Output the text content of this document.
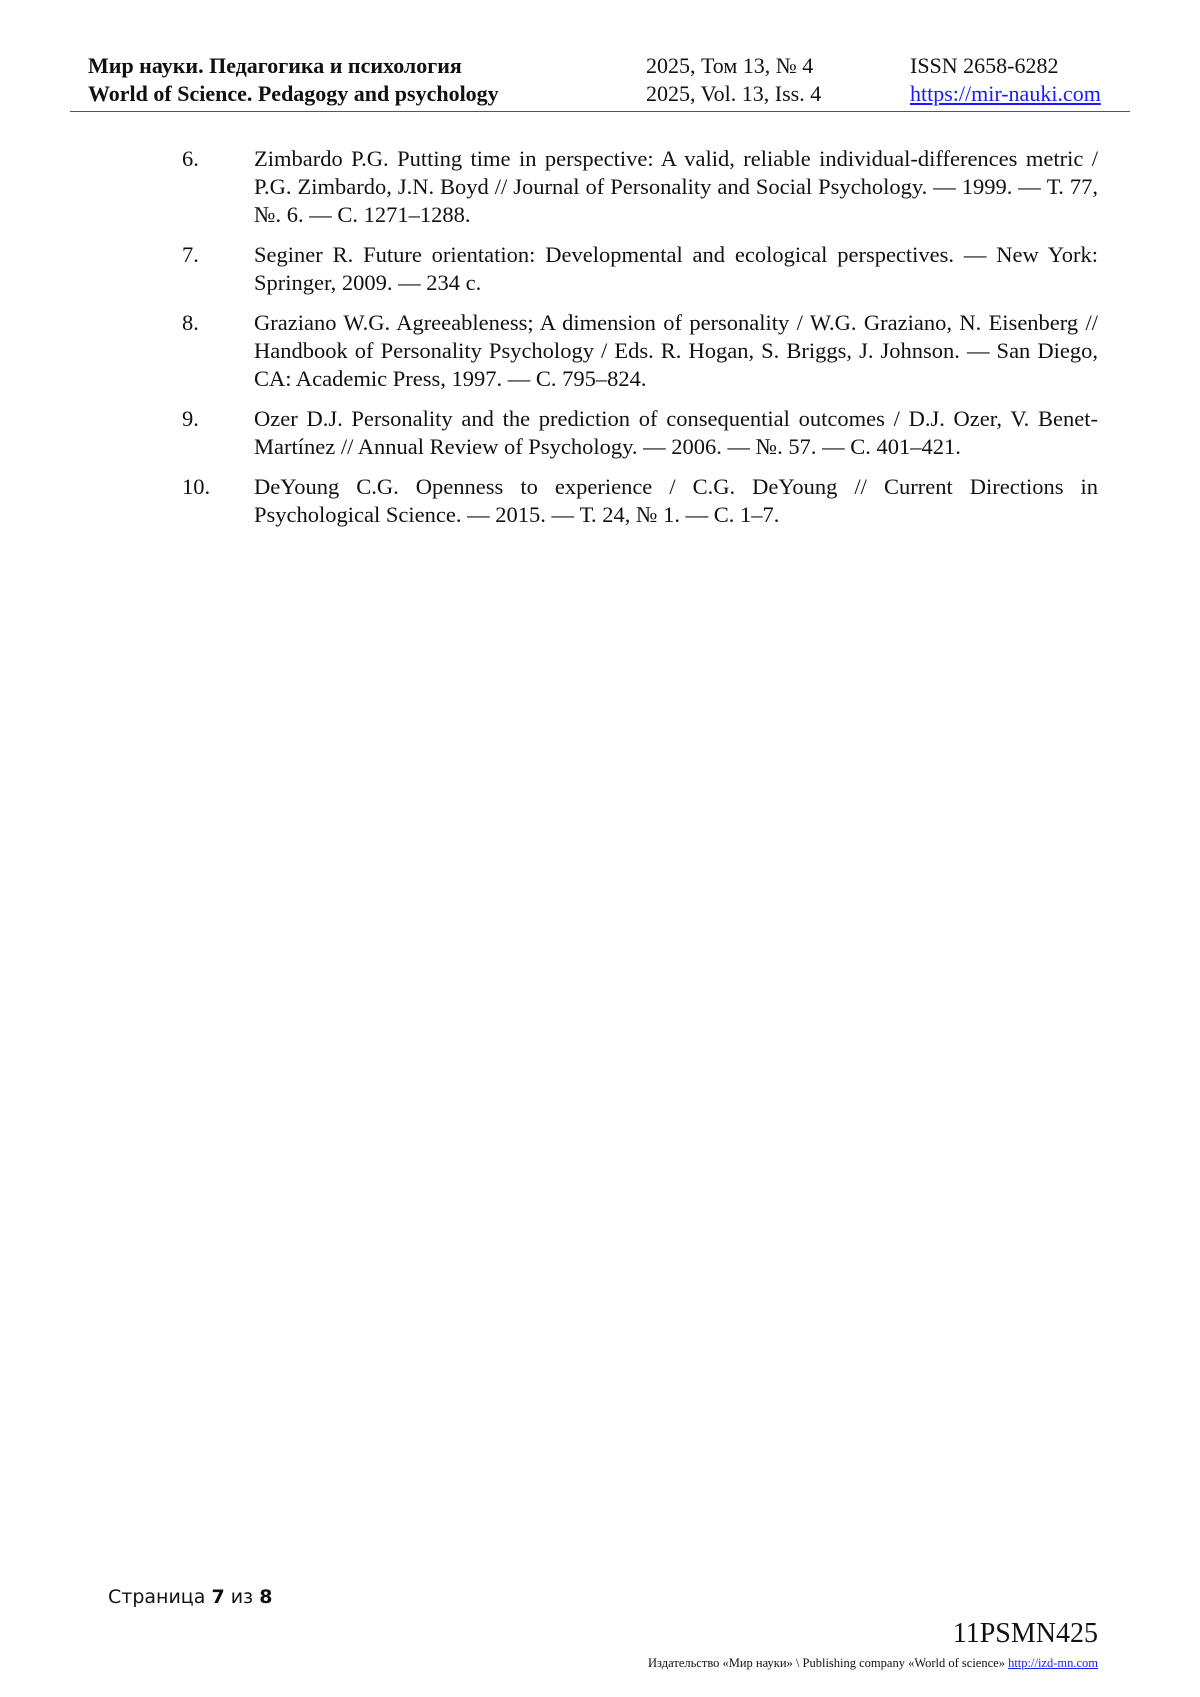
Мир науки. Педагогика и психология
World of Science. Pedagogy and psychology
2025, Том 13, № 4
2025, Vol. 13, Iss. 4
ISSN 2658-6282
https://mir-nauki.com
6.	Zimbardo P.G. Putting time in perspective: A valid, reliable individual-differences metric / P.G. Zimbardo, J.N. Boyd // Journal of Personality and Social Psychology. — 1999. — Т. 77, №. 6. — С. 1271–1288.
7.	Seginer R. Future orientation: Developmental and ecological perspectives. — New York: Springer, 2009. — 234 с.
8.	Graziano W.G. Agreeableness; A dimension of personality / W.G. Graziano, N. Eisenberg // Handbook of Personality Psychology / Eds. R. Hogan, S. Briggs, J. Johnson. — San Diego, CA: Academic Press, 1997. — С. 795–824.
9.	Ozer D.J. Personality and the prediction of consequential outcomes / D.J. Ozer, V. Benet-Martínez // Annual Review of Psychology. — 2006. — №. 57. — С. 401–421.
10.	DeYoung C.G. Openness to experience / C.G. DeYoung // Current Directions in Psychological Science. — 2015. — Т. 24, № 1. — С. 1–7.
Страница 7 из 8
11PSMN425
Издательство «Мир науки» \ Publishing company «World of science» http://izd-mn.com
